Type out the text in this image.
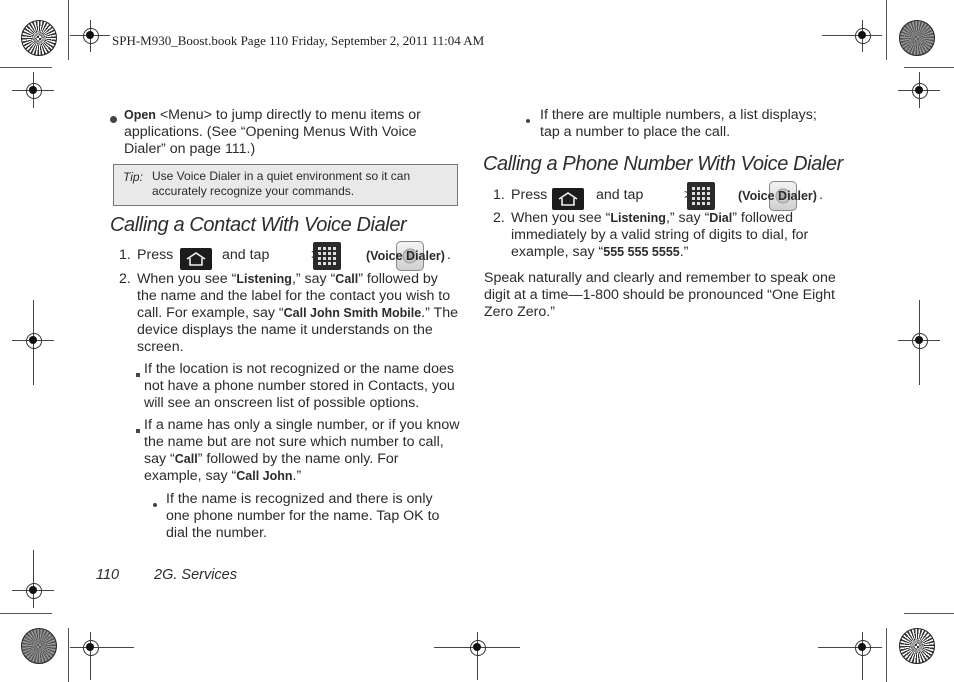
SPH-M930_Boost.book Page 110 Friday, September 2, 2011 11:04 AM
Open <Menu> to jump directly to menu items or applications. (See “Opening Menus With Voice Dialer” on page 111.)
Tip: Use Voice Dialer in a quiet environment so it can accurately recognize your commands.
Calling a Contact With Voice Dialer
1. Press
	and tap
	>	(Voice Dialer) .
2. When you see “Listening,” say “Call” followed by the name and the label for the contact you wish to call. For example, say “Call John Smith Mobile.” The device displays the name it understands on the screen.
If the location is not recognized or the name does not have a phone number stored in Contacts, you will see an onscreen list of possible options.
If a name has only a single number, or if you know the name but are not sure which number to call, say “Call” followed by the name only. For example, say “Call John.”
If the name is recognized and there is only one phone number for the name. Tap OK to dial the number.
If there are multiple numbers, a list displays; tap a number to place the call.
Calling a Phone Number With Voice Dialer
1. Press
	and tap
	>	(Voice Dialer) .
2. When you see “Listening,” say “Dial” followed immediately by a valid string of digits to dial, for example, say “555 555 5555.”
Speak naturally and clearly and remember to speak one digit at a time—1-800 should be pronounced “One Eight Zero Zero.”
110 2G. Services
